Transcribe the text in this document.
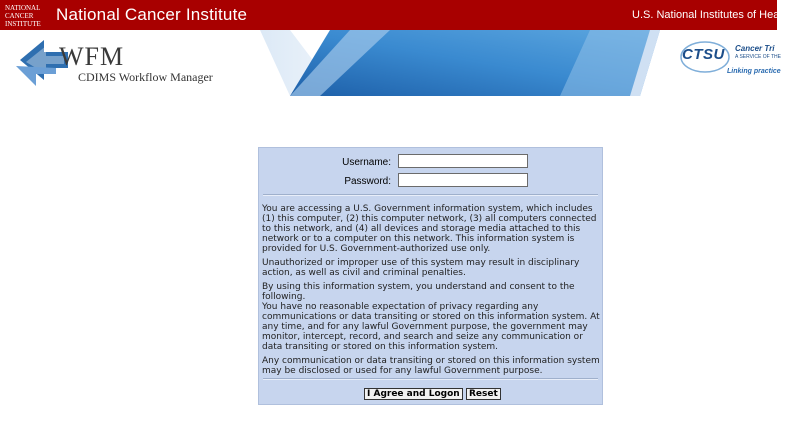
NATIONAL
CANCER
INSTITUTE National Cancer Institute	U.S. National Institutes of Health | w
WFM
CDIMS Workflow Manager
CTSU Cancer Tri
A SERVICE OF THE
Linking practice
Username:
Password:

You are accessing a U.S. Government information system, which includes (1) this computer, (2) this computer network, (3) all computers connected to this network, and (4) all devices and storage media attached to this network or to a computer on this network. This information system is provided for U.S. Government-authorized use only.

Unauthorized or improper use of this system may result in disciplinary action, as well as civil and criminal penalties.

By using this information system, you understand and consent to the following.

You have no reasonable expectation of privacy regarding any communications or data transiting or stored on this information system. At any time, and for any lawful Government purpose, the government may monitor, intercept, record, and search and seize any communication or data transiting or stored on this information system.

Any communication or data transiting or stored on this information system may be disclosed or used for any lawful Government purpose.

I Agree and Logon	Reset
